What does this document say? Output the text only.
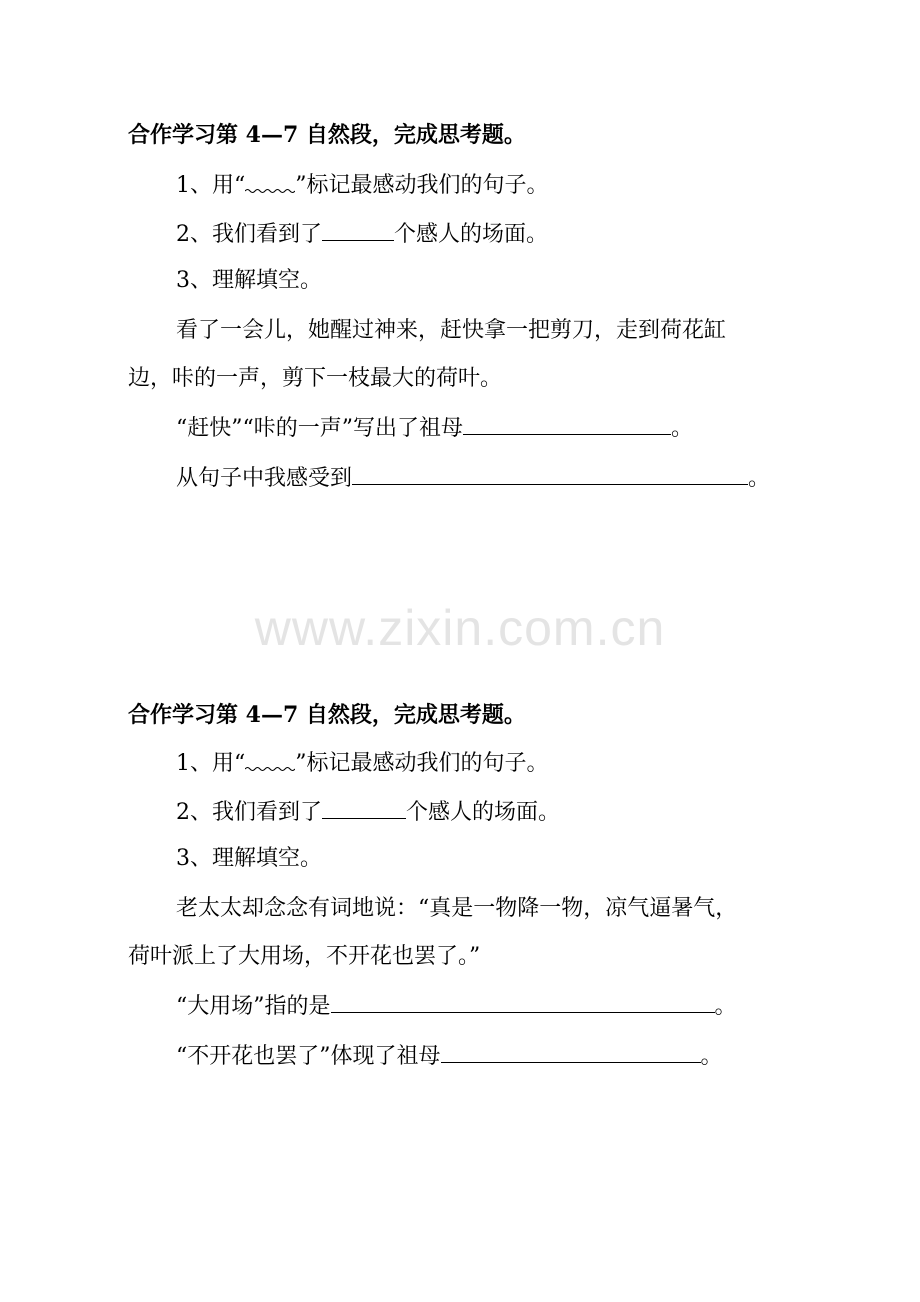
合作学习第 4—7 自然段，完成思考题。
1、用“ ”标记最感动我们的句子。
2、我们看到了	个感人的场面。
3、理解填空。
看了一会儿，她醒过神来，赶快拿一把剪刀，走到荷花缸
边，咔的一声，剪下一枝最大的荷叶。
“赶快”“咔的一声”写出了祖母	。
从句子中我感受到	。
www.zixin.com.cn
合作学习第 4—7 自然段，完成思考题。
1、用“ ”标记最感动我们的句子。
2、我们看到了	个感人的场面。
3、理解填空。
老太太却念念有词地说：“真是一物降一物，凉气逼暑气，
荷叶派上了大用场，不开花也罢了。”
“大用场”指的是	。
“不开花也罢了”体现了祖母	。
